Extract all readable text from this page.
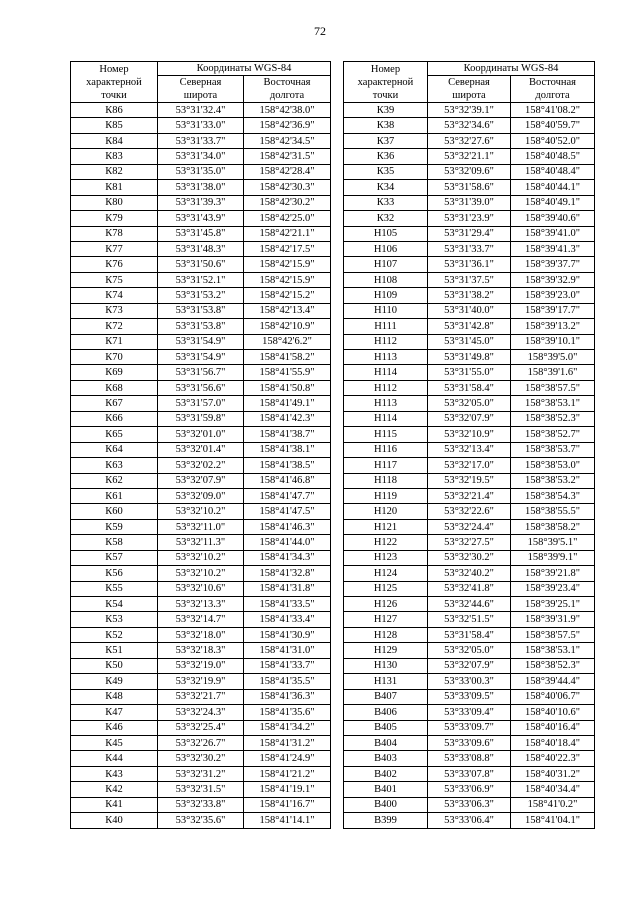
72
Номер
характерной
точки	Координаты WGS-84	
	Северная	Восточная
	широта	долгота
К86	53°31'32.4"	158°42'38.0"
К85	53°31'33.0"	158°42'36.9"
К84	53°31'33.7"	158°42'34.5"
К83	53°31'34.0"	158°42'31.5"
К82	53°31'35.0"	158°42'28.4"
К81	53°31'38.0"	158°42'30.3"
К80	53°31'39.3"	158°42'30.2"
К79	53°31'43.9"	158°42'25.0"
К78	53°31'45.8"	158°42'21.1"
К77	53°31'48.3"	158°42'17.5"
К76	53°31'50.6"	158°42'15.9"
К75	53°31'52.1"	158°42'15.9"
К74	53°31'53.2"	158°42'15.2"
К73	53°31'53.8"	158°42'13.4"
К72	53°31'53.8"	158°42'10.9"
К71	53°31'54.9"	158°42'6.2"
К70	53°31'54.9"	158°41'58.2"
К69	53°31'56.7"	158°41'55.9"
К68	53°31'56.6"	158°41'50.8"
К67	53°31'57.0"	158°41'49.1"
К66	53°31'59.8"	158°41'42.3"
К65	53°32'01.0"	158°41'38.7"
К64	53°32'01.4"	158°41'38.1"
К63	53°32'02.2"	158°41'38.5"
К62	53°32'07.9"	158°41'46.8"
К61	53°32'09.0"	158°41'47.7"
К60	53°32'10.2"	158°41'47.5"
К59	53°32'11.0"	158°41'46.3"
К58	53°32'11.3"	158°41'44.0"
К57	53°32'10.2"	158°41'34.3"
К56	53°32'10.2"	158°41'32.8"
К55	53°32'10.6"	158°41'31.8"
К54	53°32'13.3"	158°41'33.5"
К53	53°32'14.7"	158°41'33.4"
К52	53°32'18.0"	158°41'30.9"
К51	53°32'18.3"	158°41'31.0"
К50	53°32'19.0"	158°41'33.7"
К49	53°32'19.9"	158°41'35.5"
К48	53°32'21.7"	158°41'36.3"
К47	53°32'24.3"	158°41'35.6"
К46	53°32'25.4"	158°41'34.2"
К45	53°32'26.7"	158°41'31.2"
К44	53°32'30.2"	158°41'24.9"
К43	53°32'31.2"	158°41'21.2"
К42	53°32'31.5"	158°41'19.1"
К41	53°32'33.8"	158°41'16.7"
К40	53°32'35.6"	158°41'14.1"
Номер
характерной
точки	Координаты WGS-84	
	Северная	Восточная
	широта	долгота
К39	53°32'39.1"	158°41'08.2"
К38	53°32'34.6"	158°40'59.7"
К37	53°32'27.6"	158°40'52.0"
К36	53°32'21.1"	158°40'48.5"
К35	53°32'09.6"	158°40'48.4"
К34	53°31'58.6"	158°40'44.1"
К33	53°31'39.0"	158°40'49.1"
К32	53°31'23.9"	158°39'40.6"
Н105	53°31'29.4"	158°39'41.0"
Н106	53°31'33.7"	158°39'41.3"
Н107	53°31'36.1"	158°39'37.7"
Н108	53°31'37.5"	158°39'32.9"
Н109	53°31'38.2"	158°39'23.0"
Н110	53°31'40.0"	158°39'17.7"
Н111	53°31'42.8"	158°39'13.2"
Н112	53°31'45.0"	158°39'10.1"
Н113	53°31'49.8"	158°39'5.0"
Н114	53°31'55.0"	158°39'1.6"
Н112	53°31'58.4"	158°38'57.5"
Н113	53°32'05.0"	158°38'53.1"
Н114	53°32'07.9"	158°38'52.3"
Н115	53°32'10.9"	158°38'52.7"
Н116	53°32'13.4"	158°38'53.7"
Н117	53°32'17.0"	158°38'53.0"
Н118	53°32'19.5"	158°38'53.2"
Н119	53°32'21.4"	158°38'54.3"
Н120	53°32'22.6"	158°38'55.5"
Н121	53°32'24.4"	158°38'58.2"
Н122	53°32'27.5"	158°39'5.1"
Н123	53°32'30.2"	158°39'9.1"
Н124	53°32'40.2"	158°39'21.8"
Н125	53°32'41.8"	158°39'23.4"
Н126	53°32'44.6"	158°39'25.1"
Н127	53°32'51.5"	158°39'31.9"
Н128	53°31'58.4"	158°38'57.5"
Н129	53°32'05.0"	158°38'53.1"
Н130	53°32'07.9"	158°38'52.3"
Н131	53°33'00.3"	158°39'44.4"
В407	53°33'09.5"	158°40'06.7"
В406	53°33'09.4"	158°40'10.6"
В405	53°33'09.7"	158°40'16.4"
В404	53°33'09.6"	158°40'18.4"
В403	53°33'08.8"	158°40'22.3"
В402	53°33'07.8"	158°40'31.2"
В401	53°33'06.9"	158°40'34.4"
В400	53°33'06.3"	158°41'0.2"
В399	53°33'06.4"	158°41'04.1"
